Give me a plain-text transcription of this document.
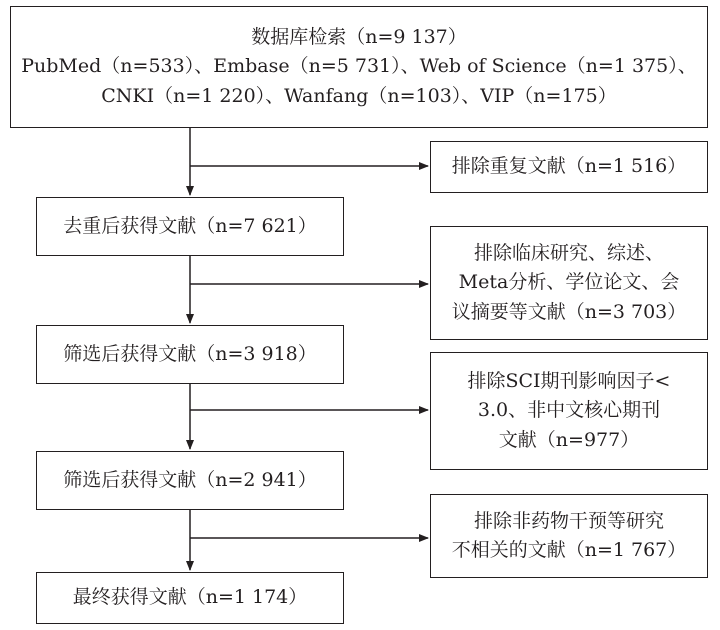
数据库检索（n=9 137）
PubMed（n=533）、Embase（n=5 731）、Web of Science（n=1 375）、
CNKI（n=1 220）、Wanfang（n=103）、VIP（n=175）
排除重复文献（n=1 516）
去重后获得文献（n=7 621）
排除临床研究、综述、
Meta分析、学位论文、会
议摘要等文献（n=3 703）
筛选后获得文献（n=3 918）
排除SCI期刊影响因子<
3.0、非中文核心期刊
文献（n=977）
筛选后获得文献（n=2 941）
排除非药物干预等研究
不相关的文献（n=1 767）
最终获得文献（n=1 174）
